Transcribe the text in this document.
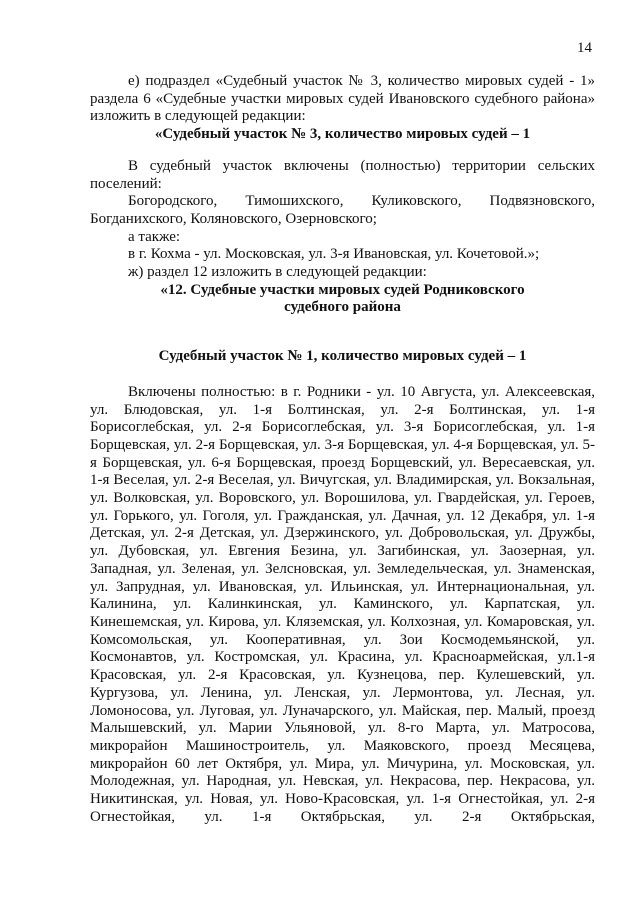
14

е) подраздел «Судебный участок № 3, количество мировых судей - 1» раздела 6 «Судебные участки мировых судей Ивановского судебного района» изложить в следующей редакции:

«Судебный участок № 3, количество мировых судей – 1

В судебный участок включены (полностью) территории сельских поселений:

Богородского, Тимошихского, Куликовского, Подвязновского, Богданихского, Коляновского, Озерновского;

а также:

в г. Кохма - ул. Московская, ул. 3-я Ивановская, ул. Кочетовой.»;

ж) раздел 12 изложить в следующей редакции:

«12. Судебные участки мировых судей Родниковского

судебного района

Судебный участок № 1, количество мировых судей – 1

Включены полностью: в г. Родники - ул. 10 Августа, ул. Алексеевская, ул. Блюдовская, ул. 1-я Болтинская, ул. 2-я Болтинская, ул. 1-я Борисоглебская, ул. 2-я Борисоглебская, ул. 3-я Борисоглебская, ул. 1-я Борщевская, ул. 2-я Борщевская, ул. 3-я Борщевская, ул. 4-я Борщевская, ул. 5-я Борщевская, ул. 6-я Борщевская, проезд Борщевский, ул. Вересаевская, ул. 1-я Веселая, ул. 2-я Веселая, ул. Вичугская, ул. Владимирская, ул. Вокзальная, ул. Волковская, ул. Воровского, ул. Ворошилова, ул. Гвардейская, ул. Героев, ул. Горького, ул. Гоголя, ул. Гражданская, ул. Дачная, ул. 12 Декабря, ул. 1-я Детская, ул. 2-я Детская, ул. Дзержинского, ул. Добровольская, ул. Дружбы, ул. Дубовская, ул. Евгения Безина, ул. Загибинская, ул. Заозерная, ул. Западная, ул. Зеленая, ул. Зелсновская, ул. Земледельческая, ул. Знаменская, ул. Запрудная, ул. Ивановская, ул. Ильинская, ул. Интернациональная, ул. Калинина, ул. Калинкинская, ул. Каминского, ул. Карпатская, ул. Кинешемская, ул. Кирова, ул. Кляземская, ул. Колхозная, ул. Комаровская, ул. Комсомольская, ул. Кооперативная, ул. Зои Космодемьянской, ул. Космонавтов, ул. Костромская, ул. Красина, ул. Красноармейская, ул.1-я Красовская, ул. 2-я Красовская, ул. Кузнецова, пер. Кулешевский, ул. Кургузова, ул. Ленина, ул. Ленская, ул. Лермонтова, ул. Лесная, ул. Ломоносова, ул. Луговая, ул. Луначарского, ул. Майская, пер. Малый, проезд Малышевский, ул. Марии Ульяновой, ул. 8-го Марта, ул. Матросова, микрорайон Машиностроитель, ул. Маяковского, проезд Месяцева, микрорайон 60 лет Октября, ул. Мира, ул. Мичурина, ул. Московская, ул. Молодежная, ул. Народная, ул. Невская, ул. Некрасова, пер. Некрасова, ул. Никитинская, ул. Новая, ул. Ново-Красовская, ул. 1-я Огнестойкая, ул. 2-я Огнестойкая, ул. 1-я Октябрьская, ул. 2-я Октябрьская,
